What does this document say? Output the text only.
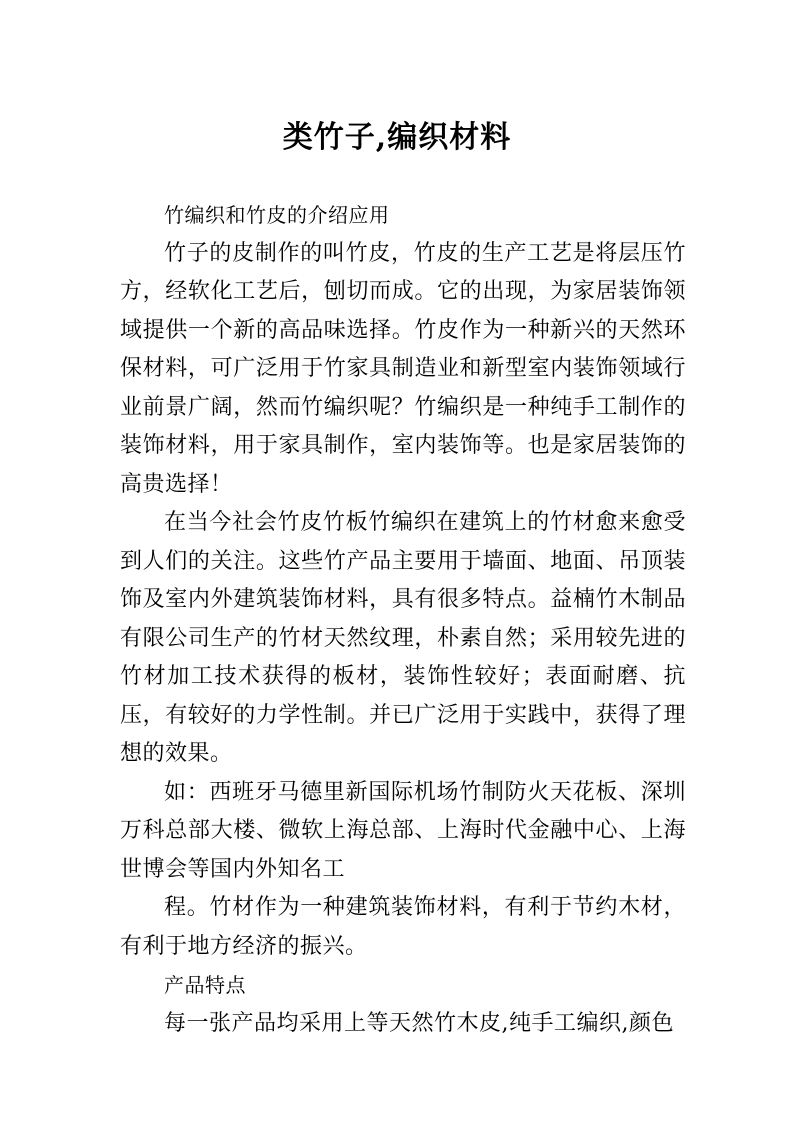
类竹子,编织材料

竹编织和竹皮的介绍应用

竹子的皮制作的叫竹皮，竹皮的生产工艺是将层压竹方，经软化工艺后，刨切而成。它的出现，为家居装饰领域提供一个新的高品味选择。竹皮作为一种新兴的天然环保材料，可广泛用于竹家具制造业和新型室内装饰领域行业前景广阔，然而竹编织呢？竹编织是一种纯手工制作的装饰材料，用于家具制作，室内装饰等。也是家居装饰的高贵选择！

在当今社会竹皮竹板竹编织在建筑上的竹材愈来愈受到人们的关注。这些竹产品主要用于墙面、地面、吊顶装饰及室内外建筑装饰材料，具有很多特点。益楠竹木制品有限公司生产的竹材天然纹理，朴素自然；采用较先进的竹材加工技术获得的板材，装饰性较好；表面耐磨、抗压，有较好的力学性制。并已广泛用于实践中，获得了理想的效果。

如：西班牙马德里新国际机场竹制防火天花板、深圳万科总部大楼、微软上海总部、上海时代金融中心、上海世博会等国内外知名工

程。竹材作为一种建筑装饰材料，有利于节约木材，有利于地方经济的振兴。

产品特点

每一张产品均采用上等天然竹木皮,纯手工编织,颜色
